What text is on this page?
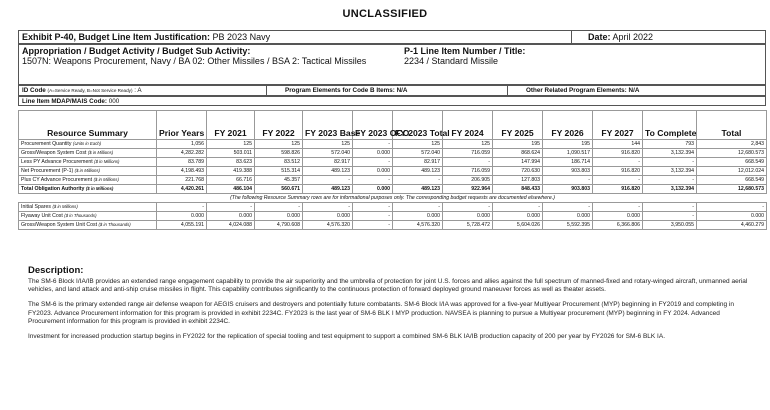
UNCLASSIFIED
Exhibit P-40, Budget Line Item Justification: PB 2023 Navy	Date: April 2022
Appropriation / Budget Activity / Budget Sub Activity:
1507N: Weapons Procurement, Navy / BA 02: Other Missiles / BSA 2: Tactical Missiles
P-1 Line Item Number / Title:
2234 / Standard Missile
ID Code (A=Service Ready, B=Not Service Ready) : A	Program Elements for Code B Items: N/A	Other Related Program Elements: N/A
Line Item MDAP/MAIS Code: 000
Resource Summary	Prior Years	FY 2021	FY 2022	FY 2023 Base	FY 2023 OCO	FY 2023 Total	FY 2024	FY 2025	FY 2026	FY 2027	To Complete	Total
Procurement Quantity (Units in Each)	1,056	125	125	125	-	125	125	195	195	144	793	2,843
Gross/Weapon System Cost ($ in Millions)	4,282.282	503.011	598.826	572.040	0.000	572.040	716.059	868.624	1,090.517	916.820	3,132.394	12,680.573
Less PY Advance Procurement ($ in Millions)	83.789	83.623	83.512	82.917	-	82.917	-	147.994	186.714	-	-	668.549
Net Procurement (P-1) ($ in Millions)	4,198.493	419.388	515.314	489.123	0.000	489.123	716.059	720.630	903.803	916.820	3,132.394	12,012.024
Plus CY Advance Procurement ($ in Millions)	221.768	66.716	45.357	-	-	-	206.905	127.803	-	-	-	668.549
Total Obligation Authority ($ in Millions)	4,420.261	486.104	560.671	489.123	0.000	489.123	922.964	848.433	903.803	916.820	3,132.394	12,680.573
(The following Resource Summary rows are for informational purposes only. The corresponding budget requests are documented elsewhere.)												
Initial Spares ($ in Millions)	-	-	-	-	-	-	-	-	-	-	-	-
Flyaway Unit Cost ($ in Thousands)	0.000	0.000	0.000	0.000	-	0.000	0.000	0.000	0.000	0.000	-	0.000
Gross/Weapon System Unit Cost ($ in Thousands)	4,055.191	4,024.088	4,790.608	4,576.320	-	4,576.320	5,728.472	5,604.026	5,592.395	6,366.806	3,950.055	4,460.279
Description:

The SM-6 Block I/IA/IB provides an extended range engagement capability to provide the air superiority and the umbrella of protection for joint U.S. forces and allies against the full spectrum of manned-fixed and rotary-winged aircraft, unmanned aerial vehicles, and land attack and anti-ship cruise missiles in flight. This capability contributes significantly to the continuous protection of forward deployed ground maneuver forces as well as theater assets.

The SM-6 is the primary extended range air defense weapon for AEGIS cruisers and destroyers and potentially future combatants. SM-6 Block I/IA was approved for a five-year Multiyear Procurement (MYP) beginning in FY2019 and completing in FY2023. Advance Procurement information for this program is provided in exhibit 2234C. FY2023 is the last year of SM-6 BLK I MYP production. NAVSEA is planning to pursue a Multiyear procurement (MYP) beginning in FY 2024. Advanced Procurement information for this program is provided in exhibit 2234C.

Investment for increased production startup begins in FY2022 for the replication of special tooling and test equipment to support a combined SM-6 BLK IA/IB production capacity of 200 per year by FY2026 for SM-6 BLK IA.
